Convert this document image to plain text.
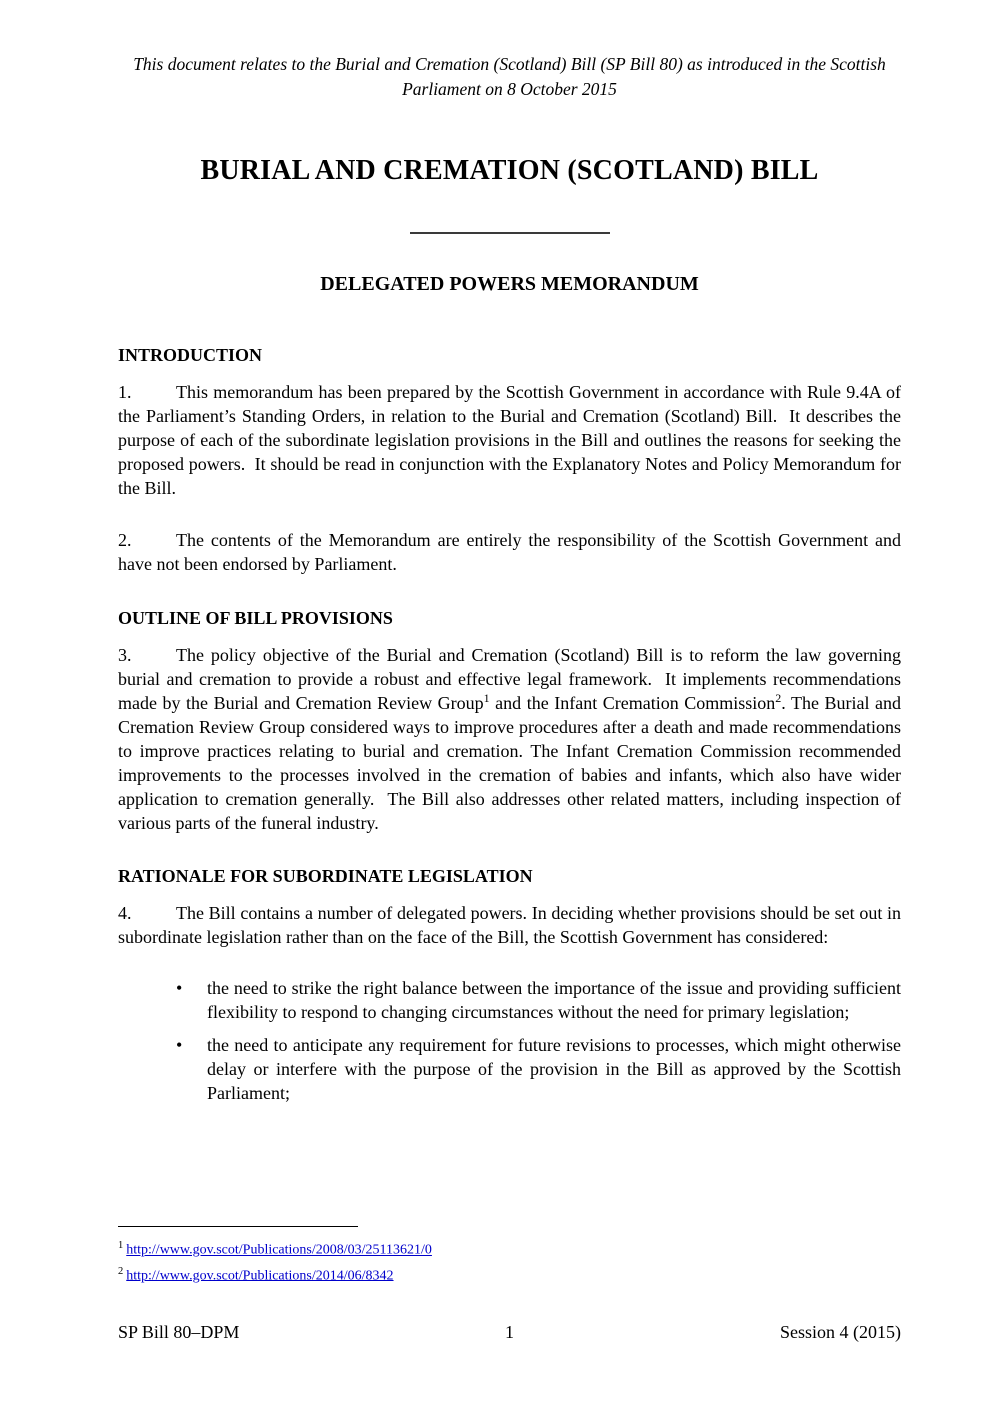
This document relates to the Burial and Cremation (Scotland) Bill (SP Bill 80) as introduced in the Scottish Parliament on 8 October 2015
BURIAL AND CREMATION (SCOTLAND) BILL
DELEGATED POWERS MEMORANDUM
INTRODUCTION
1. This memorandum has been prepared by the Scottish Government in accordance with Rule 9.4A of the Parliament’s Standing Orders, in relation to the Burial and Cremation (Scotland) Bill.  It describes the purpose of each of the subordinate legislation provisions in the Bill and outlines the reasons for seeking the proposed powers.  It should be read in conjunction with the Explanatory Notes and Policy Memorandum for the Bill.
2. The contents of the Memorandum are entirely the responsibility of the Scottish Government and have not been endorsed by Parliament.
OUTLINE OF BILL PROVISIONS
3. The policy objective of the Burial and Cremation (Scotland) Bill is to reform the law governing burial and cremation to provide a robust and effective legal framework.  It implements recommendations made by the Burial and Cremation Review Group$^1$ and the Infant Cremation Commission$^2$. The Burial and Cremation Review Group considered ways to improve procedures after a death and made recommendations to improve practices relating to burial and cremation. The Infant Cremation Commission recommended improvements to the processes involved in the cremation of babies and infants, which also have wider application to cremation generally.  The Bill also addresses other related matters, including inspection of various parts of the funeral industry.
RATIONALE FOR SUBORDINATE LEGISLATION
4. The Bill contains a number of delegated powers. In deciding whether provisions should be set out in subordinate legislation rather than on the face of the Bill, the Scottish Government has considered:
•	the need to strike the right balance between the importance of the issue and providing sufficient flexibility to respond to changing circumstances without the need for primary legislation;
•	the need to anticipate any requirement for future revisions to processes, which might otherwise delay or interfere with the purpose of the provision in the Bill as approved by the Scottish Parliament;
$^1$ http://www.gov.scot/Publications/2008/03/25113621/0
$^2$ http://www.gov.scot/Publications/2014/06/8342
SP Bill 80–DPM	1	Session 4 (2015)
